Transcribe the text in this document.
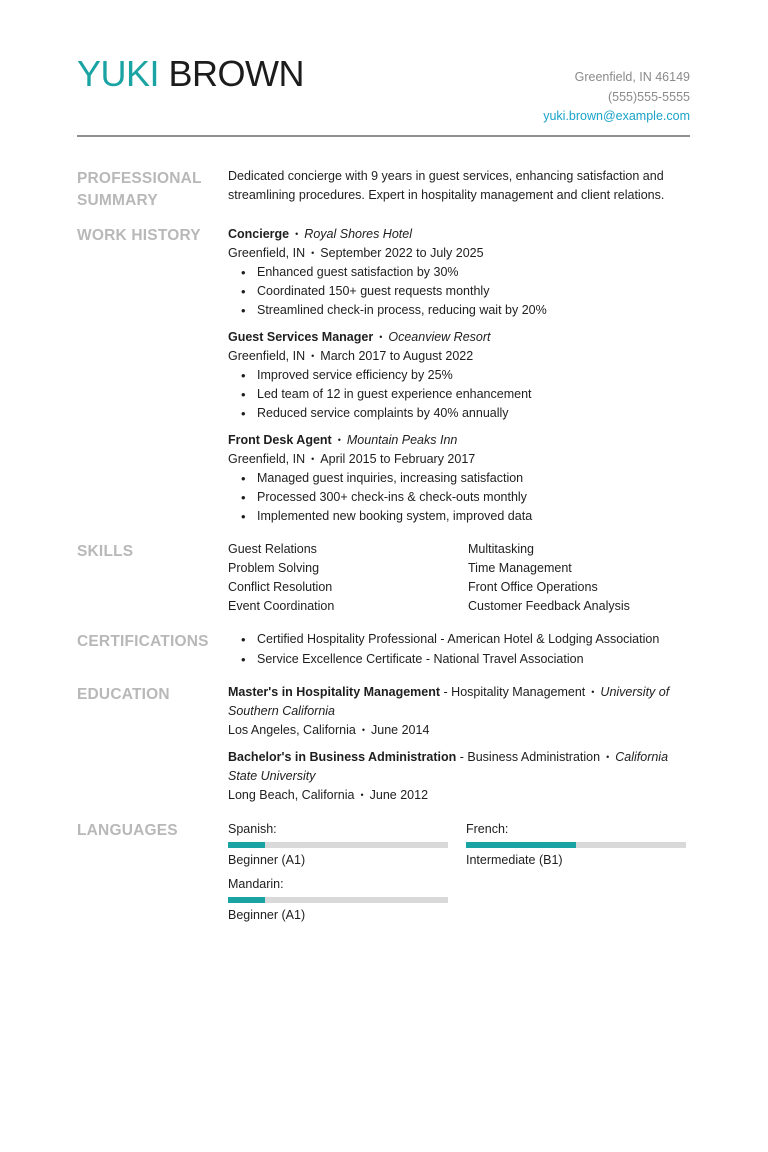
YUKI BROWN	Greenfield, IN 46149
(555)555-5555
yuki.brown@example.com
PROFESSIONAL
SUMMARY

Dedicated concierge with 9 years in guest services, enhancing satisfaction and streamlining procedures. Expert in hospitality management and client relations.

WORK HISTORY	Concierge • Royal Shores Hotel

Greenfield, IN • September 2022 to July 2025

• Enhanced guest satisfaction by 30%
• Coordinated 150+ guest requests monthly
• Streamlined check-in process, reducing wait by 20%

Guest Services Manager • Oceanview Resort

Greenfield, IN • March 2017 to August 2022

• Improved service efficiency by 25%
• Led team of 12 in guest experience enhancement
• Reduced service complaints by 40% annually

Front Desk Agent • Mountain Peaks Inn

Greenfield, IN • April 2015 to February 2017

• Managed guest inquiries, increasing satisfaction
• Processed 300+ check-ins & check-outs monthly
• Implemented new booking system, improved data
SKILLS	Guest Relations	Multitasking
Problem Solving	Time Management
Conflict Resolution	Front Office Operations
Event Coordination	Customer Feedback Analysis
CERTIFICATIONS
•	Certified Hospitality Professional - American Hotel & Lodging Association
• Service Excellence Certificate - National Travel Association
EDUCATION	Master's in Hospitality Management - Hospitality Management • University of Southern California

Los Angeles, California • June 2014

Bachelor's in Business Administration - Business Administration • California State University

Long Beach, California • June 2012

LANGUAGES	Spanish:
Beginner (A1)
French:
Intermediate (B1)
Mandarin:
Beginner (A1)
